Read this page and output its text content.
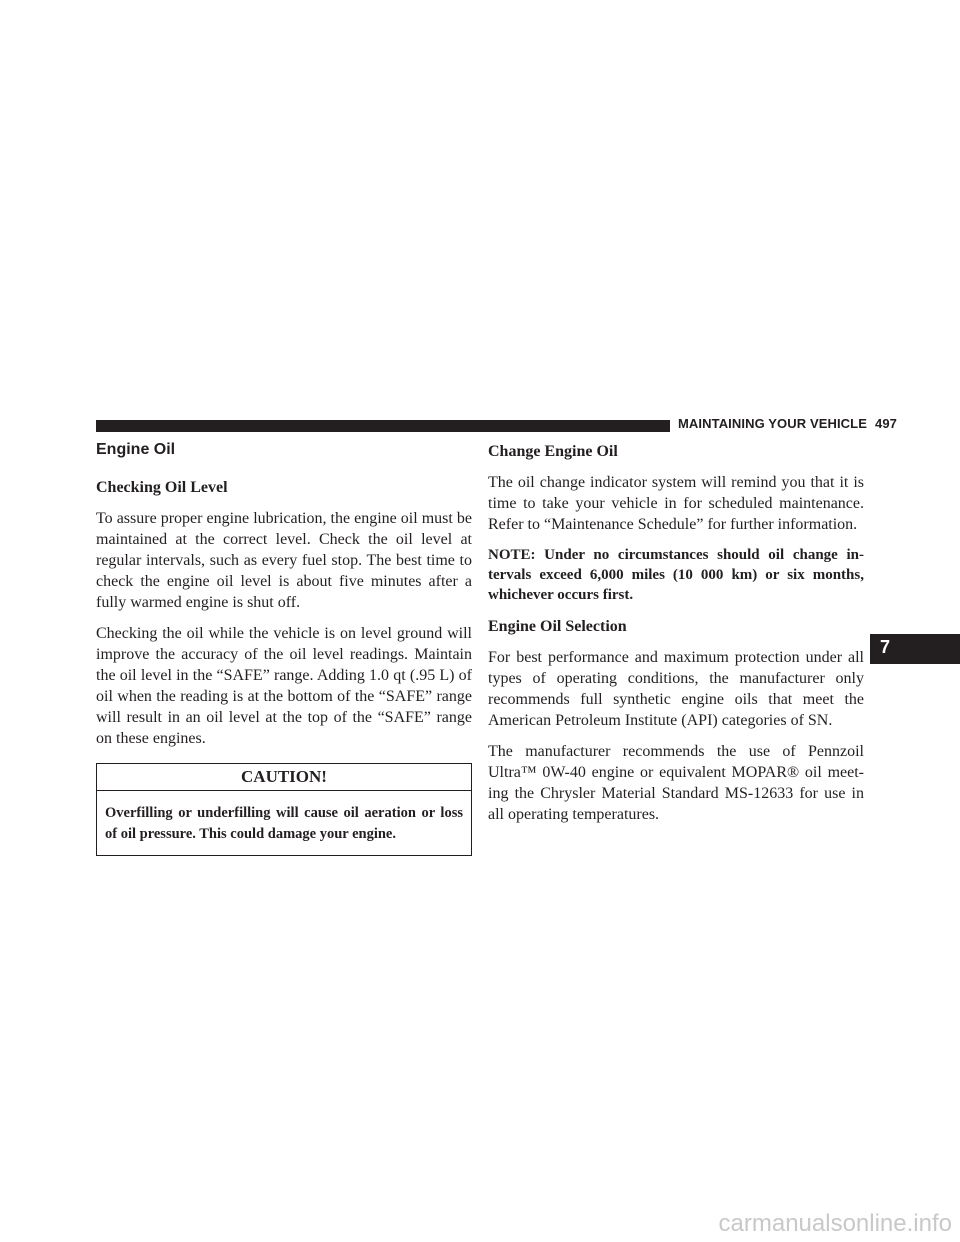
MAINTAINING YOUR VEHICLE 497
Engine Oil
Checking Oil Level

To assure proper engine lubrication, the engine oil must be maintained at the correct level. Check the oil level at regular intervals, such as every fuel stop. The best time to check the engine oil level is about five minutes after a fully warmed engine is shut off.

Checking the oil while the vehicle is on level ground will improve the accuracy of the oil level readings. Maintain the oil level in the “SAFE” range. Adding 1.0 qt (.95 L) of oil when the reading is at the bottom of the “SAFE” range will result in an oil level at the top of the “SAFE” range on these engines.

CAUTION!
Overfilling or underfilling will cause oil aeration or loss of oil pressure. This could damage your engine.
Change Engine Oil

The oil change indicator system will remind you that it is time to take your vehicle in for scheduled maintenance. Refer to “Maintenance Schedule” for further information.

NOTE: Under no circumstances should oil change in-tervals exceed 6,000 miles (10 000 km) or six months, whichever occurs first.

Engine Oil Selection

For best performance and maximum protection under all types of operating conditions, the manufacturer only recommends full synthetic engine oils that meet the American Petroleum Institute (API) categories of SN.

The manufacturer recommends the use of Pennzoil Ultra™ 0W-40 engine or equivalent MOPAR® oil meet-ing the Chrysler Material Standard MS-12633 for use in all operating temperatures.

7
carmanualsonline.info
